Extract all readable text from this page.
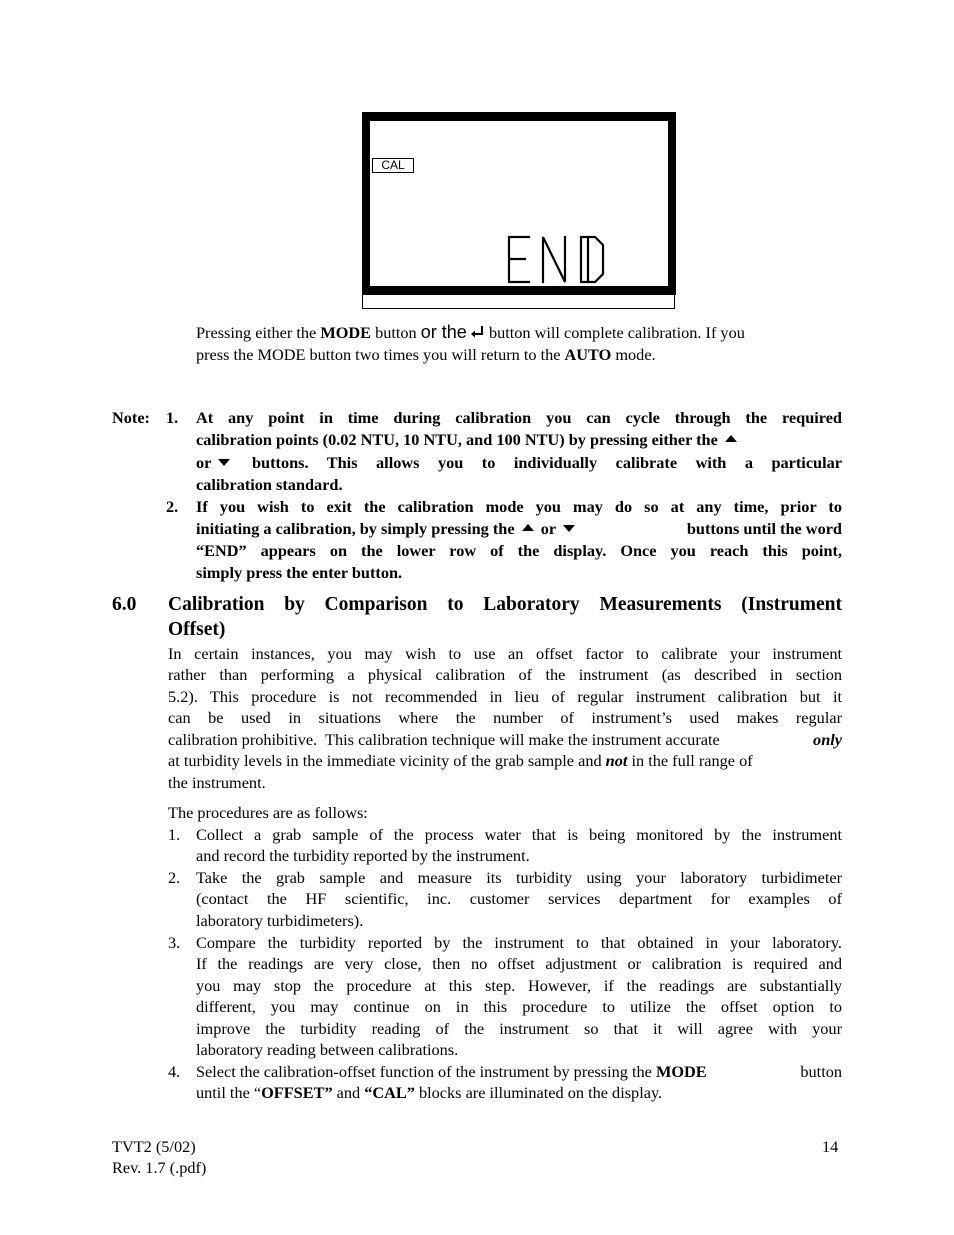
CAL
Pressing either the MODE button or the  button will complete calibration. If you
press the MODE button two times you will return to the AUTO mode.
Note: 1. At any point in time during calibration you can cycle through the required
calibration points (0.02 NTU, 10 NTU, and 100 NTU) by pressing either the
or	buttons. This allows you to individually calibrate with a particular
calibration standard.
2. If you wish to exit the calibration mode you may do so at any time, prior to
initiating a calibration, by simply pressing the or	buttons until the word
“END” appears on the lower row of the display. Once you reach this point,
simply press the enter button.
6.0 Calibration by Comparison to Laboratory Measurements (Instrument
Offset)
In certain instances, you may wish to use an offset factor to calibrate your instrument
rather than performing a physical calibration of the instrument (as described in section
5.2). This procedure is not recommended in lieu of regular instrument calibration but it
can be used in situations where the number of instrument’s used makes regular
calibration prohibitive.  This calibration technique will make the instrument accurate	only
at turbidity levels in the immediate vicinity of the grab sample and not in the full range of
the instrument.
The procedures are as follows:
1. Collect a grab sample of the process water that is being monitored by the instrument
and record the turbidity reported by the instrument.
2. Take the grab sample and measure its turbidity using your laboratory turbidimeter
(contact the HF scientific, inc. customer services department for examples of
laboratory turbidimeters).
3. Compare the turbidity reported by the instrument to that obtained in your laboratory.
If the readings are very close, then no offset adjustment or calibration is required and
you may stop the procedure at this step. However, if the readings are substantially
different, you may continue on in this procedure to utilize the offset option to
improve the turbidity reading of the instrument so that it will agree with your
laboratory reading between calibrations.
4. Select the calibration-offset function of the instrument by pressing the MODE	button
until the “OFFSET” and “CAL” blocks are illuminated on the display.
TVT2 (5/02)
Rev. 1.7 (.pdf)
14
